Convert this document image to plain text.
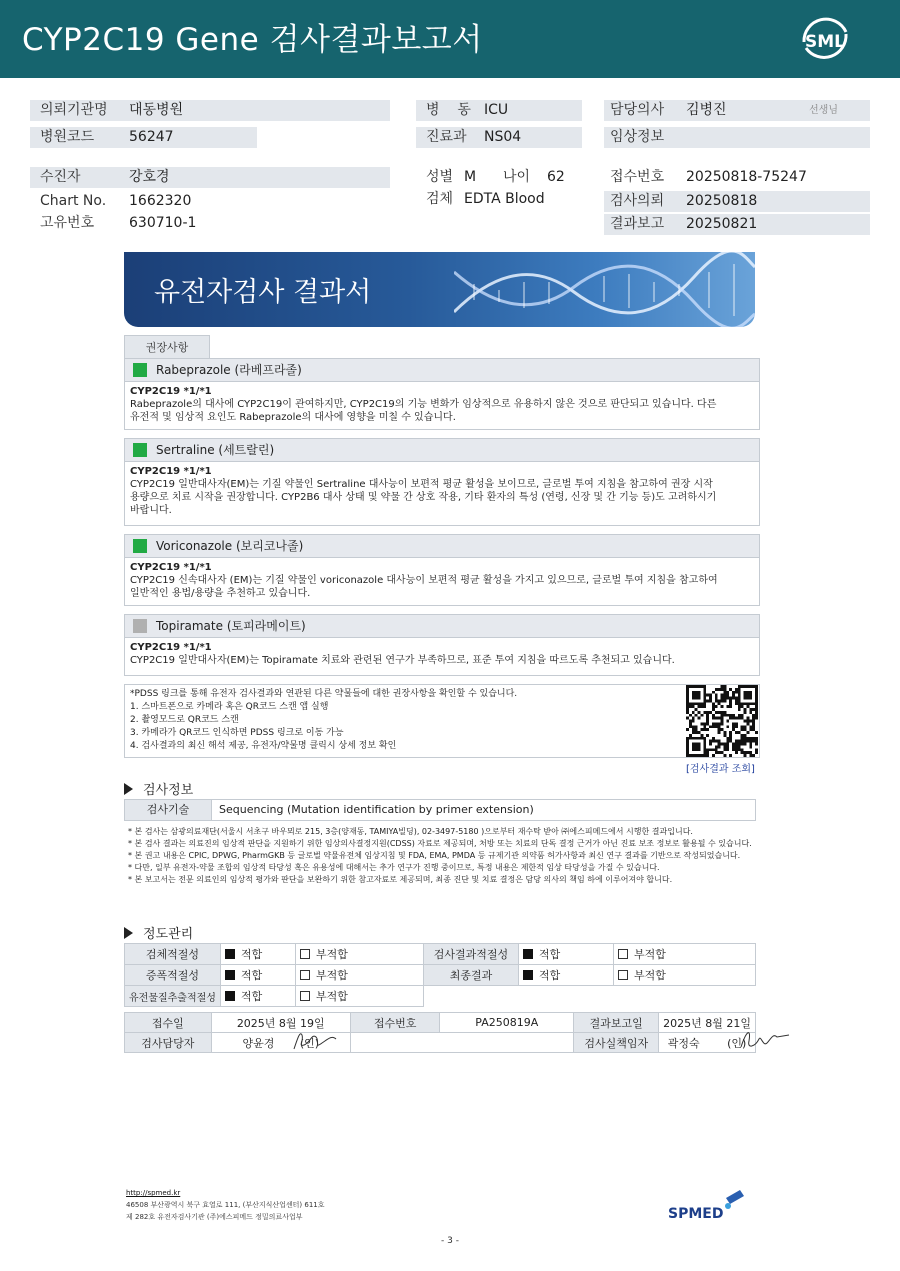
CYP2C19 Gene 검사결과보고서	SML
의뢰기관명 대동병원	병    동 ICU	담당의사 김병진	선생님
병원코드 56247	진료과 NS04	임상정보
수진자	강호경	성별 M 나이 62	접수번호 20250818-75247
Chart No. 1662320	검체 EDTA Blood	검사의뢰 20250818
고유번호 630710-1	결과보고 20250821
유전자검사 결과서
권장사항
Rabeprazole (라베프라졸)
CYP2C19 *1/*1
Rabeprazole의 대사에 CYP2C19이 관여하지만, CYP2C19의 기능 변화가 임상적으로 유용하지 않은 것으로 판단되고 있습니다. 다른
유전적 및 임상적 요인도 Rabeprazole의 대사에 영향을 미칠 수 있습니다.
Sertraline (세트랄린)
CYP2C19 *1/*1
CYP2C19 일반대사자(EM)는 기질 약물인 Sertraline 대사능이 보편적 평균 활성을 보이므로, 글로벌 투여 지침을 참고하여 권장 시작
용량으로 치료 시작을 권장합니다. CYP2B6 대사 상태 및 약물 간 상호 작용, 기타 환자의 특성 (연령, 신장 및 간 기능 등)도 고려하시기
바랍니다.
Voriconazole (보리코나졸)
CYP2C19 *1/*1
CYP2C19 신속대사자 (EM)는 기질 약물인 voriconazole 대사능이 보편적 평균 활성을 가지고 있으므로, 글로벌 투여 지침을 참고하여
일반적인 용법/용량을 추천하고 있습니다.
Topiramate (토피라메이트)
CYP2C19 *1/*1
CYP2C19 일반대사자(EM)는 Topiramate 치료와 관련된 연구가 부족하므로, 표준 투여 지침을 따르도록 추천되고 있습니다.
*PDSS 링크를 통해 유전자 검사결과와 연관된 다른 약물들에 대한 권장사항을 확인할 수 있습니다.
1. 스마트폰으로 카메라 혹은 QR코드 스캔 앱 실행
2. 촬영모드로 QR코드 스캔
3. 카메라가 QR코드 인식하면 PDSS 링크로 이동 가능
4. 검사결과의 최신 해석 제공, 유전자/약물명 클릭시 상세 정보 확인
[검사결과 조회]
검사정보
검사기술	Sequencing (Mutation identification by primer extension)
* 본 검사는 삼광의료재단(서울시 서초구 바우뫼로 215, 3층(양재동, TAMIYA빌딩), 02-3497-5180 )으로부터 재수탁 받아 ㈜에스피메드에서 시행한 결과입니다.
* 본 검사 결과는 의료진의 임상적 판단을 지원하기 위한 임상의사결정지원(CDSS) 자료로 제공되며, 처방 또는 치료의 단독 결정 근거가 아닌 진료 보조 정보로 활용될 수 있습니다.
* 본 권고 내용은 CPIC, DPWG, PharmGKB 등 글로벌 약물유전체 임상지침 및 FDA, EMA, PMDA 등 규제기관 의약품 허가사항과 최신 연구 결과를 기반으로 작성되었습니다.
* 다만, 일부 유전자-약물 조합의 임상적 타당성 혹은 유용성에 대해서는 추가 연구가 진행 중이므로, 특정 내용은 제한적 임상 타당성을 가질 수 있습니다.
* 본 보고서는 전문 의료인의 임상적 평가와 판단을 보완하기 위한 참고자료로 제공되며, 최종 진단 및 치료 결정은 담당 의사의 책임 하에 이루어져야 합니다.
정도관리
검체적절성	적합	부적합	검사결과적절성	적합	부적합
증폭적절성	적합	부적합	최종결과	적합	부적합
유전물질추출적절성	적합	부적합			
접수일	2025년 8월 19일	접수번호	PA250819A	결과보고일	2025년 8월 21일
검사담당자	양윤경 (인)			검사실책임자	곽정숙 (인)
http://spmed.kr
46508 부산광역시 북구 효열로 111, (부산지식산업센터) 611호
제 282호 유전자검사기관 (주)에스피메드 정밀의료사업부	SPMED
- 3 -
